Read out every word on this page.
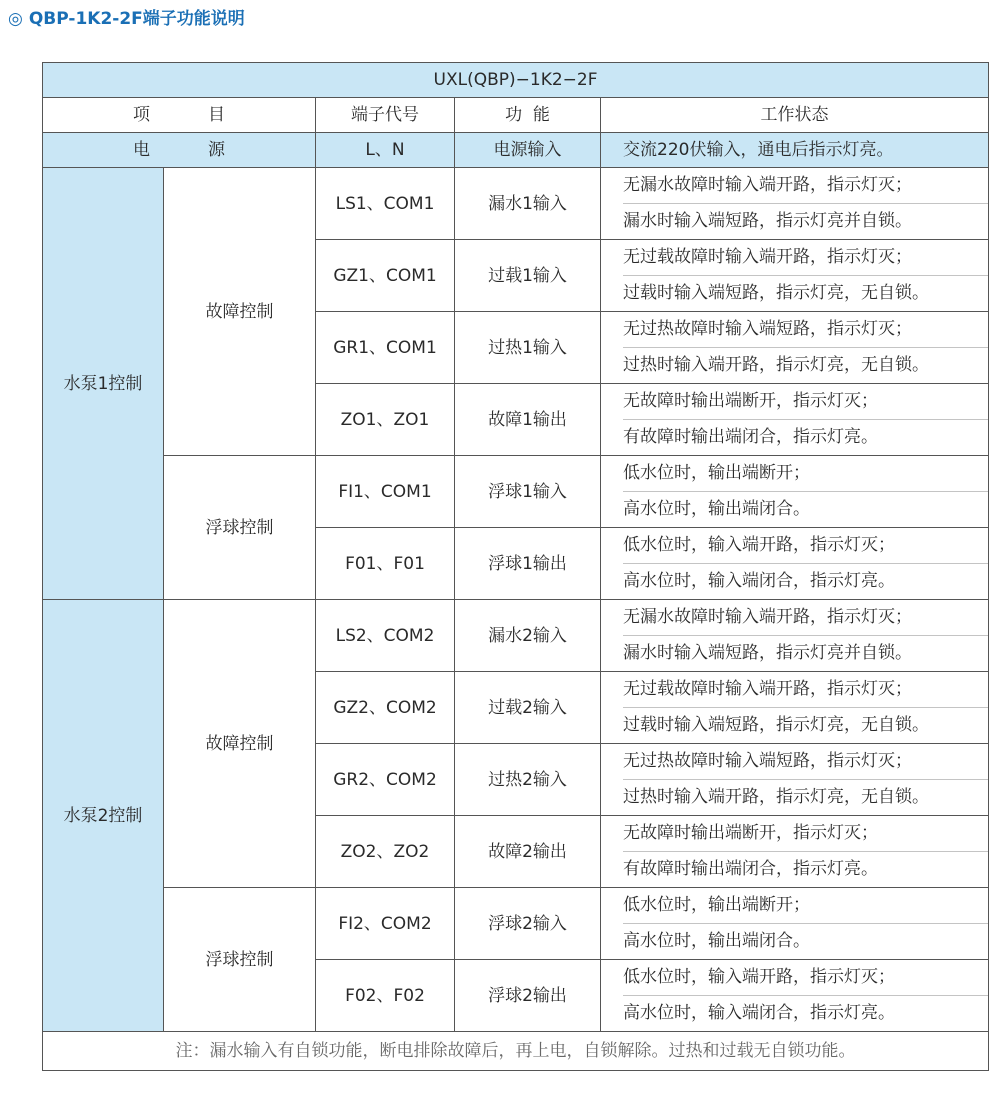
◎ QBP-1K2-2F端子功能说明
UXL(QBP)−1K2−2F				
项 目		端子代号	功  能	工作状态
电 源		L、N	电源输入	交流220伏输入，通电后指示灯亮。
水泵1控制	故障控制	LS1、COM1	漏水1输入	无漏水故障时输入端开路，指示灯灭；
漏水时输入端短路，指示灯亮并自锁。

		GZ1、COM1	过载1输入	无过载故障时输入端开路，指示灯灭；
过载时输入端短路，指示灯亮，无自锁。

		GR1、COM1	过热1输入	无过热故障时输入端短路，指示灯灭；
过热时输入端开路，指示灯亮，无自锁。

		ZO1、ZO1	故障1输出	无故障时输出端断开，指示灯灭；
有故障时输出端闭合，指示灯亮。

	浮球控制	FI1、COM1	浮球1输入	低水位时，输出端断开；
高水位时，输出端闭合。

		F01、F01	浮球1输出	低水位时，输入端开路，指示灯灭；
高水位时，输入端闭合，指示灯亮。

水泵2控制	故障控制	LS2、COM2	漏水2输入	无漏水故障时输入端开路，指示灯灭；
漏水时输入端短路，指示灯亮并自锁。

		GZ2、COM2	过载2输入	无过载故障时输入端开路，指示灯灭；
过载时输入端短路，指示灯亮，无自锁。

		GR2、COM2	过热2输入	无过热故障时输入端短路，指示灯灭；
过热时输入端开路，指示灯亮，无自锁。

		ZO2、ZO2	故障2输出	无故障时输出端断开，指示灯灭；
有故障时输出端闭合，指示灯亮。

	浮球控制	FI2、COM2	浮球2输入	低水位时，输出端断开；
高水位时，输出端闭合。

		F02、F02	浮球2输出	低水位时，输入端开路，指示灯灭；
高水位时，输入端闭合，指示灯亮。

注：漏水输入有自锁功能，断电排除故障后，再上电，自锁解除。过热和过载无自锁功能。				
